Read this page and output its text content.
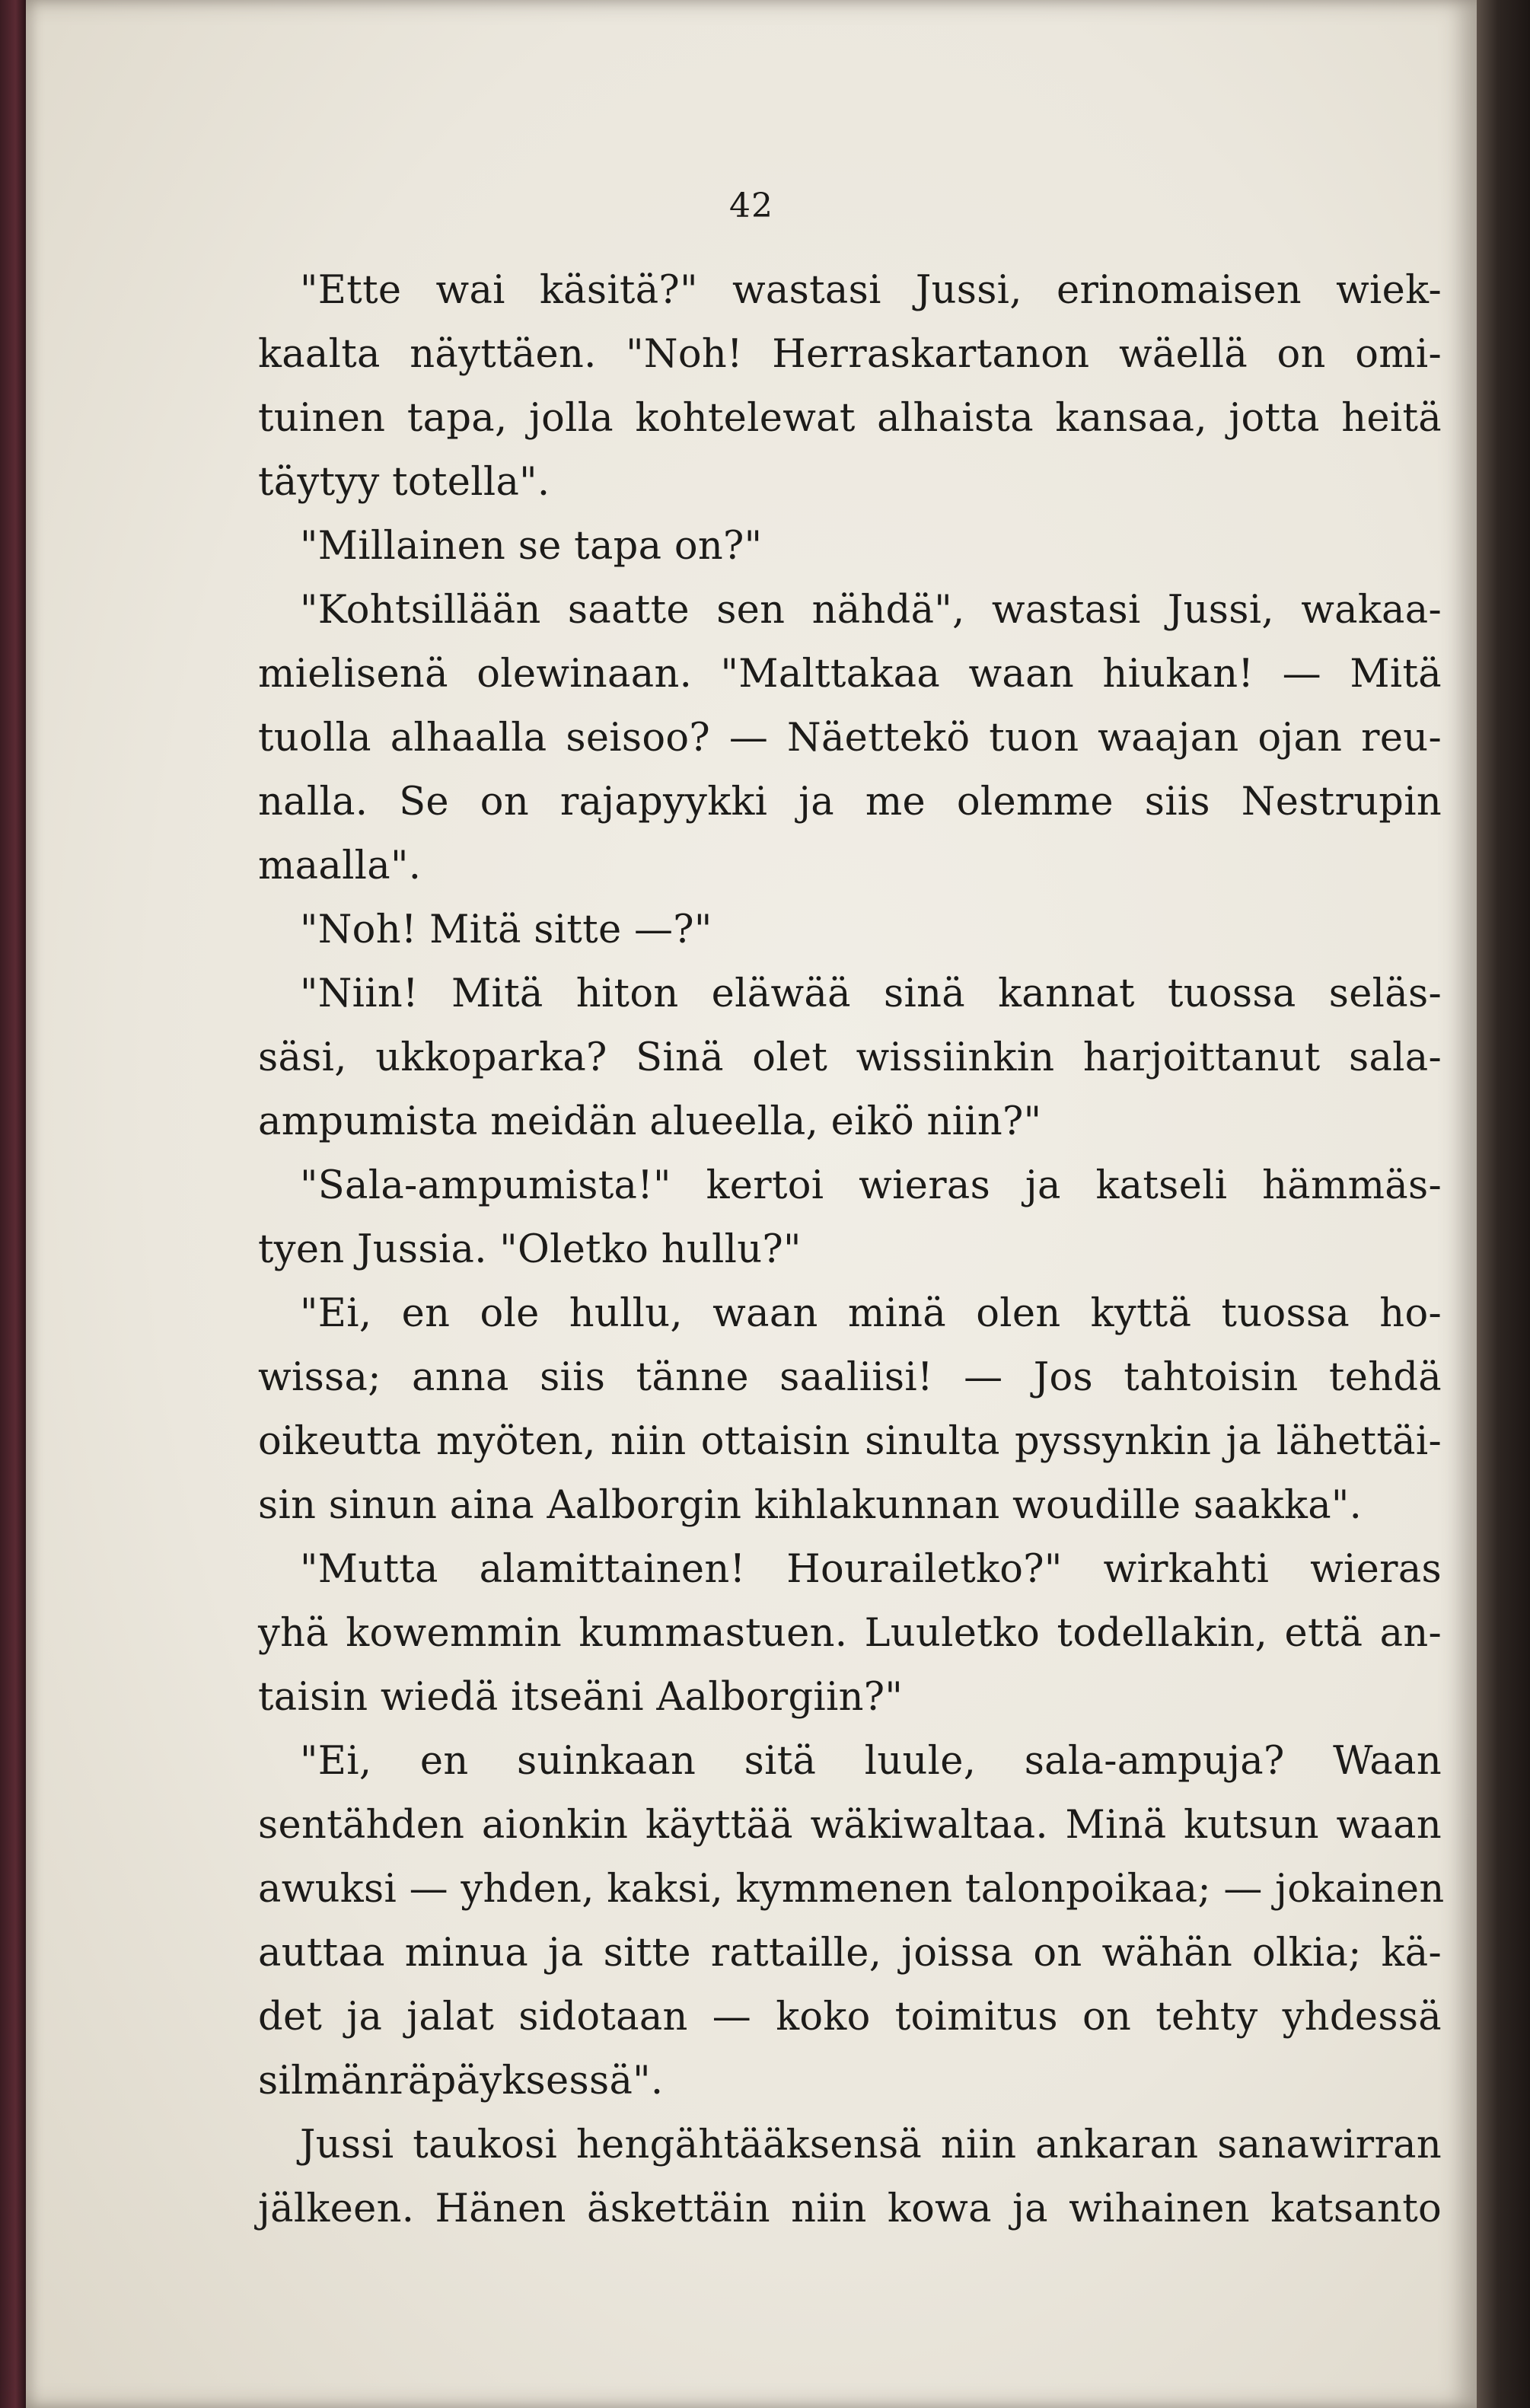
42
"Ette wai käsitä?" wastasi Jussi, erinomaisen wiek-
kaalta näyttäen. "Noh! Herraskartanon wäellä on omi-
tuinen tapa, jolla kohtelewat alhaista kansaa, jotta heitä
täytyy totella".
"Millainen se tapa on?"
"Kohtsillään saatte sen nähdä", wastasi Jussi, wakaa-
mielisenä olewinaan. "Malttakaa waan hiukan! — Mitä
tuolla alhaalla seisoo? — Näettekö tuon waajan ojan reu-
nalla. Se on rajapyykki ja me olemme siis Nestrupin
maalla".
"Noh! Mitä sitte —?"
"Niin! Mitä hiton eläwää sinä kannat tuossa seläs-
säsi, ukkoparka? Sinä olet wissiinkin harjoittanut sala-
ampumista meidän alueella, eikö niin?"
"Sala-ampumista!" kertoi wieras ja katseli hämmäs-
tyen Jussia. "Oletko hullu?"
"Ei, en ole hullu, waan minä olen kyttä tuossa ho-
wissa; anna siis tänne saaliisi! — Jos tahtoisin tehdä
oikeutta myöten, niin ottaisin sinulta pyssynkin ja lähettäi-
sin sinun aina Aalborgin kihlakunnan woudille saakka".
"Mutta alamittainen! Hourailetko?" wirkahti wieras
yhä kowemmin kummastuen. Luuletko todellakin, että an-
taisin wiedä itseäni Aalborgiin?"
"Ei, en suinkaan sitä luule, sala-ampuja? Waan
sentähden aionkin käyttää wäkiwaltaa. Minä kutsun waan
awuksi — yhden, kaksi, kymmenen talonpoikaa; — jokainen
auttaa minua ja sitte rattaille, joissa on wähän olkia; kä-
det ja jalat sidotaan — koko toimitus on tehty yhdessä
silmänräpäyksessä".
Jussi taukosi hengähtääksensä niin ankaran sanawirran
jälkeen. Hänen äskettäin niin kowa ja wihainen katsanto
